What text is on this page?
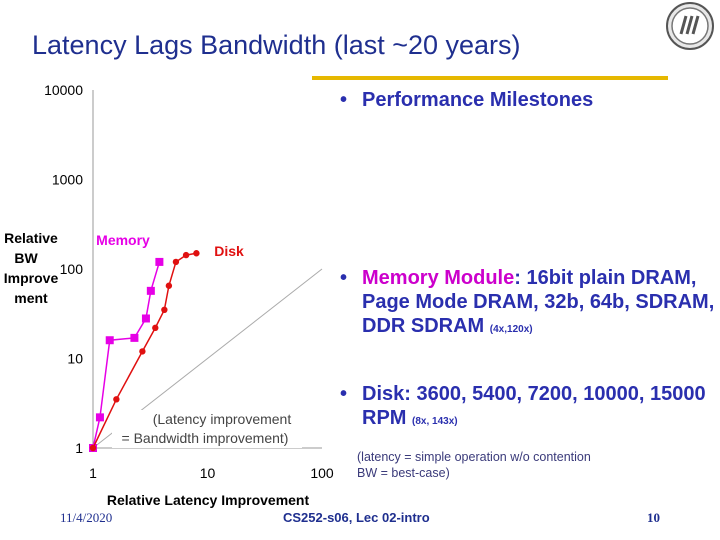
Latency Lags Bandwidth (last ~20 years)
1
10
100
1000
10000
1	10	100
Relative Latency Improvement
Relative
BW
Improve
ment
(Latency improvement
= Bandwidth improvement)
Memory
Disk
• Performance Milestones
• Memory Module: 16bit plain DRAM, Page Mode DRAM, 32b, 64b, SDRAM, DDR SDRAM (4x,120x)
• Disk: 3600, 5400, 7200, 10000, 15000 RPM (8x, 143x)
(latency = simple operation w/o contention
BW = best-case)
11/4/2020	CS252-s06, Lec 02-intro	10
